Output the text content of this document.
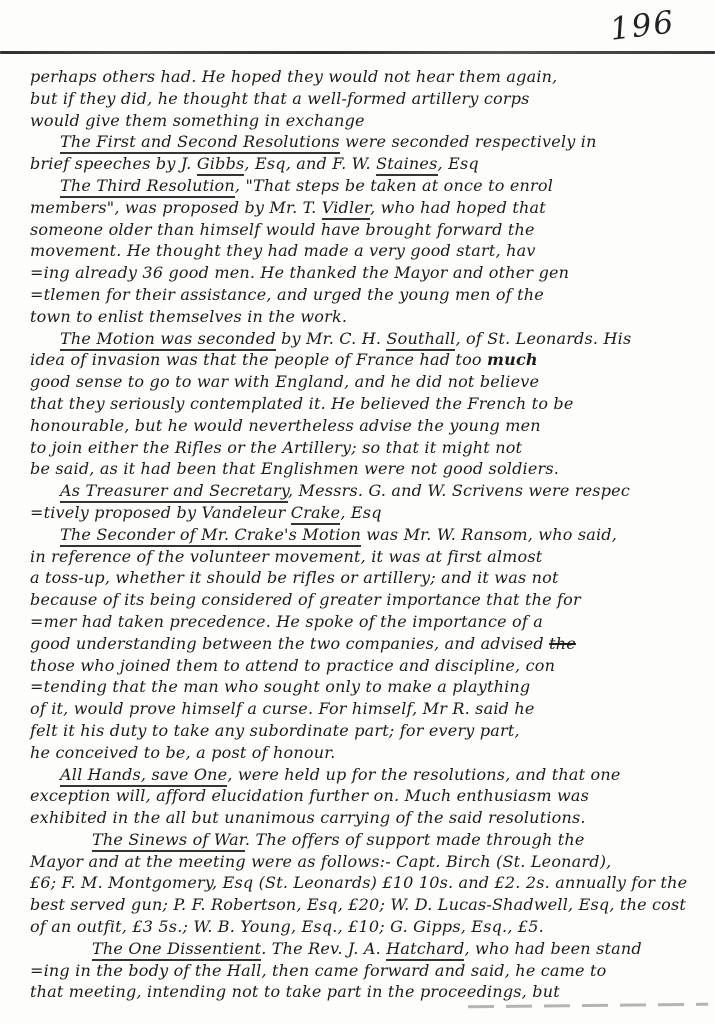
196
perhaps others had. He hoped they would not hear them again,
but if they did, he thought that a well-formed artillery corps
would give them something in exchange
The First and Second Resolutions were seconded respectively in
brief speeches by J. Gibbs, Esq, and F. W. Staines, Esq
The Third Resolution, "That steps be taken at once to enrol
members", was proposed by Mr. T. Vidler, who had hoped that
someone older than himself would have brought forward the
movement. He thought they had made a very good start, hav
=ing already 36 good men. He thanked the Mayor and other gen
=tlemen for their assistance, and urged the young men of the
town to enlist themselves in the work.
The Motion was seconded by Mr. C. H. Southall, of St. Leonards. His
idea of invasion was that the people of France had too much
good sense to go to war with England, and he did not believe
that they seriously contemplated it. He believed the French to be
honourable, but he would nevertheless advise the young men
to join either the Rifles or the Artillery; so that it might not
be said, as it had been that Englishmen were not good soldiers.
As Treasurer and Secretary, Messrs. G. and W. Scrivens were respec
=tively proposed by Vandeleur Crake, Esq
The Seconder of Mr. Crake's Motion was Mr. W. Ransom, who said,
in reference of the volunteer movement, it was at first almost
a toss-up, whether it should be rifles or artillery; and it was not
because of its being considered of greater importance that the for
=mer had taken precedence. He spoke of the importance of a
good understanding between the two companies, and advised the
those who joined them to attend to practice and discipline, con
=tending that the man who sought only to make a plaything
of it, would prove himself a curse. For himself, Mr R. said he
felt it his duty to take any subordinate part; for every part,
he conceived to be, a post of honour.
All Hands, save One, were held up for the resolutions, and that one
exception will, afford elucidation further on. Much enthusiasm was
exhibited in the all but unanimous carrying of the said resolutions.
The Sinews of War. The offers of support made through the
Mayor and at the meeting were as follows:- Capt. Birch (St. Leonard),
£6; F. M. Montgomery, Esq (St. Leonards) £10 10s. and £2. 2s. annually for the
best served gun; P. F. Robertson, Esq, £20; W. D. Lucas-Shadwell, Esq, the cost
of an outfit, £3 5s.; W. B. Young, Esq., £10; G. Gipps, Esq., £5.
The One Dissentient. The Rev. J. A. Hatchard, who had been stand
=ing in the body of the Hall, then came forward and said, he came to
that meeting, intending not to take part in the proceedings, but
